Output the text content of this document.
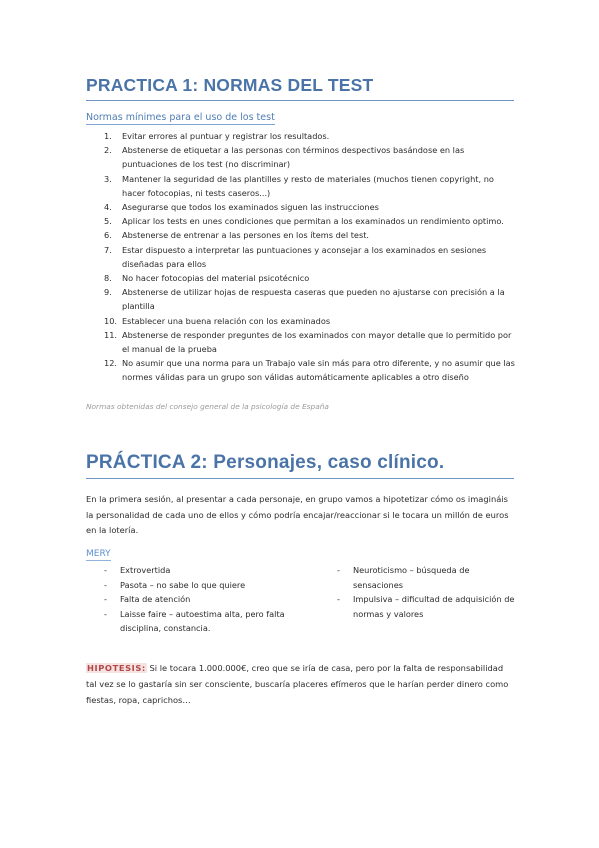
PRACTICA 1: NORMAS DEL TEST
Normas mínimes para el uso de los test
1.	Evitar errores al puntuar y registrar los resultados.
2.	Abstenerse de etiquetar a las personas con términos despectivos basándose en las puntuaciones de los test (no discriminar)
3.	Mantener la seguridad de las plantilles y resto de materiales (muchos tienen copyright, no hacer fotocopias, ni tests caseros...)
4.	Asegurarse que todos los examinados siguen las instrucciones
5.	Aplicar los tests en unes condiciones que permitan a los examinados un rendimiento optimo.
6.	Abstenerse de entrenar a las persones en los ítems del test.
7.	Estar dispuesto a interpretar las puntuaciones y aconsejar a los examinados en sesiones diseñadas para ellos
8.	No hacer fotocopias del material psicotécnico
9.	Abstenerse de utilizar hojas de respuesta caseras que pueden no ajustarse con precisión a la plantilla
10. Establecer una buena relación con los examinados
11. Abstenerse de responder preguntes de los examinados con mayor detalle que lo permitido por el manual de la prueba
12. No asumir que una norma para un Trabajo vale sin más para otro diferente, y no asumir que las normes válidas para un grupo son válidas automáticamente aplicables a otro diseño
Normas obtenidas del consejo general de la psicología de España
PRÁCTICA 2: Personajes, caso clínico.

En la primera sesión, al presentar a cada personaje, en grupo vamos a hipotetizar cómo os imagináis la personalidad de cada uno de ellos y cómo podría encajar/reaccionar si le tocara un millón de euros en la lotería.

MERY
- Extrovertida
- Pasota – no sabe lo que quiere
- Falta de atención
- Laisse faire – autoestima alta, pero falta disciplina, constancia.
- Neuroticismo – búsqueda de sensaciones
- Impulsiva – dificultad de adquisición de normas y valores

HIPOTESIS: Si le tocara 1.000.000€, creo que se iría de casa, pero por la falta de responsabilidad tal vez se lo gastaría sin ser consciente, buscaría placeres efímeros que le harían perder dinero como fiestas, ropa, caprichos…
